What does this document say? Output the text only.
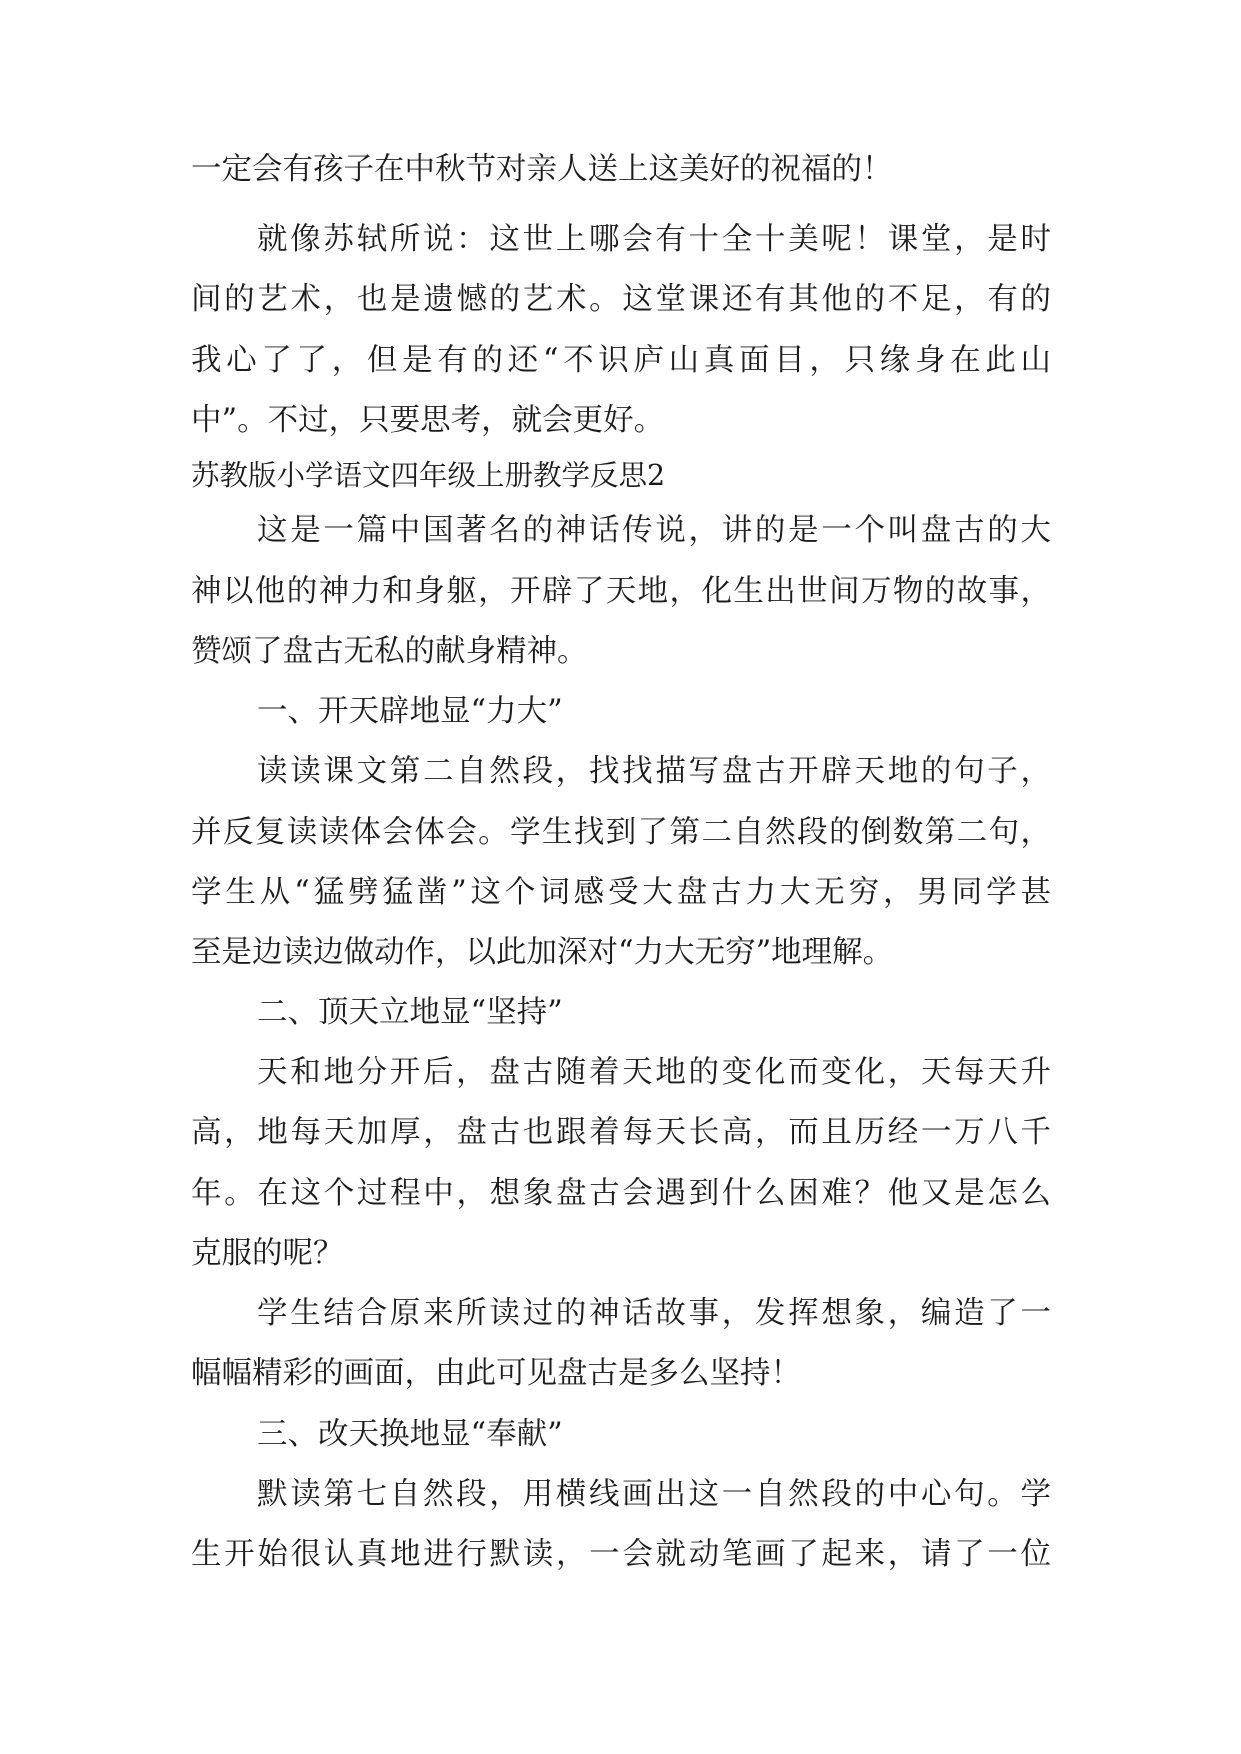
一定会有孩子在中秋节对亲人送上这美好的祝福的！

就像苏轼所说：这世上哪会有十全十美呢！课堂，是时

间的艺术，也是遗憾的艺术。这堂课还有其他的不足，有的

我心了了，但是有的还“不识庐山真面目，只缘身在此山

中”。不过，只要思考，就会更好。

苏教版小学语文四年级上册教学反思2

这是一篇中国著名的神话传说，讲的是一个叫盘古的大

神以他的神力和身躯，开辟了天地，化生出世间万物的故事，

赞颂了盘古无私的献身精神。

一、开天辟地显“力大”

读读课文第二自然段，找找描写盘古开辟天地的句子，

并反复读读体会体会。学生找到了第二自然段的倒数第二句，

学生从“猛劈猛凿”这个词感受大盘古力大无穷，男同学甚

至是边读边做动作，以此加深对“力大无穷”地理解。

二、顶天立地显“坚持”

天和地分开后，盘古随着天地的变化而变化，天每天升

高，地每天加厚，盘古也跟着每天长高，而且历经一万八千

年。在这个过程中，想象盘古会遇到什么困难？他又是怎么

克服的呢？

学生结合原来所读过的神话故事，发挥想象，编造了一

幅幅精彩的画面，由此可见盘古是多么坚持！

三、改天换地显“奉献”

默读第七自然段，用横线画出这一自然段的中心句。学

生开始很认真地进行默读，一会就动笔画了起来，请了一位
